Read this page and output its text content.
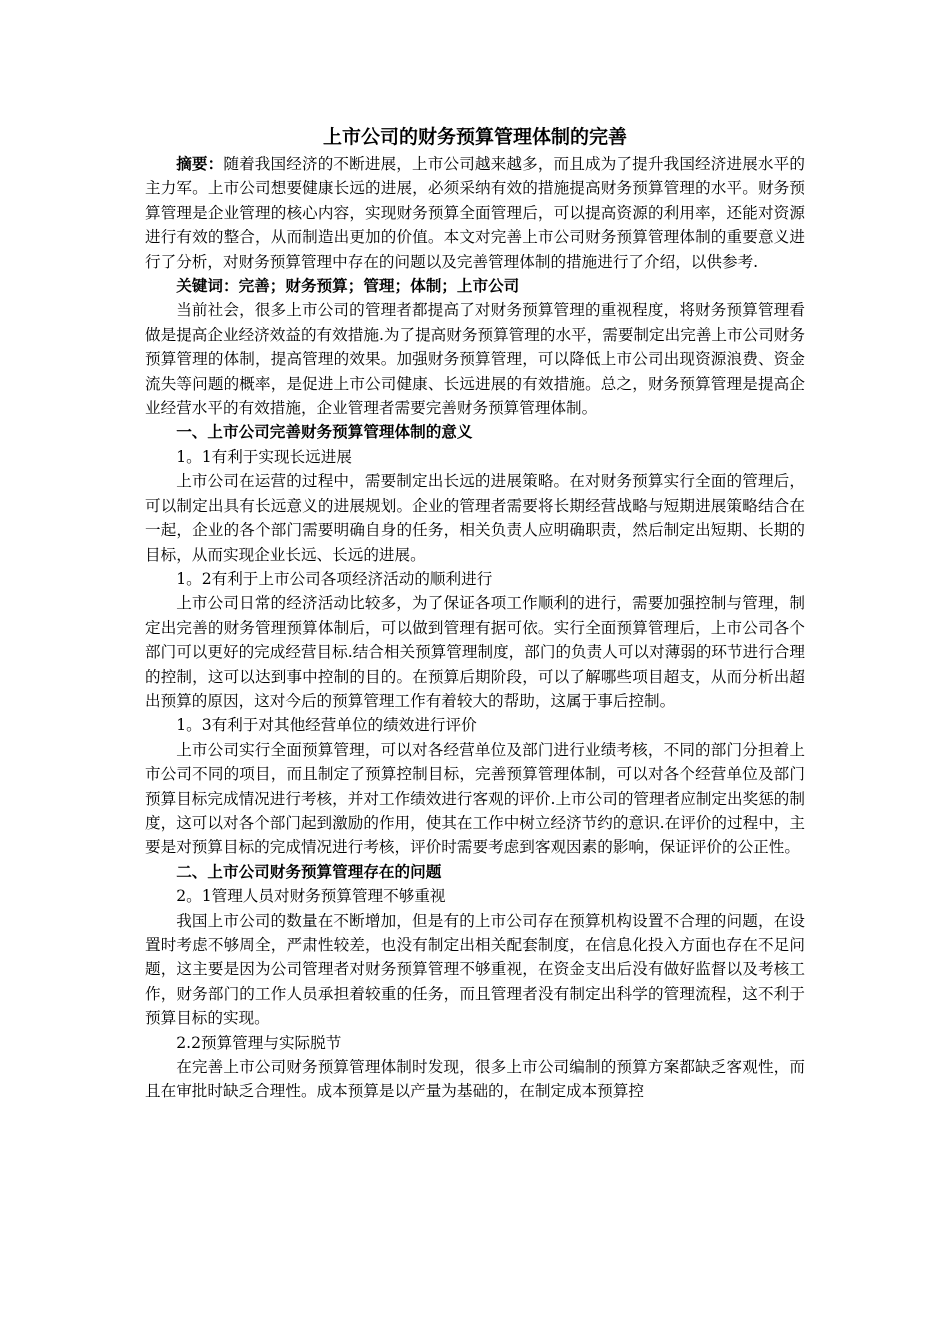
上市公司的财务预算管理体制的完善

摘要：随着我国经济的不断进展，上市公司越来越多，而且成为了提升我国经济进展水平的主力军。上市公司想要健康长远的进展，必须采纳有效的措施提高财务预算管理的水平。财务预算管理是企业管理的核心内容，实现财务预算全面管理后，可以提高资源的利用率，还能对资源进行有效的整合，从而制造出更加的价值。本文对完善上市公司财务预算管理体制的重要意义进行了分析，对财务预算管理中存在的问题以及完善管理体制的措施进行了介绍，以供参考.

关键词：完善；财务预算；管理；体制；上市公司

当前社会，很多上市公司的管理者都提高了对财务预算管理的重视程度，将财务预算管理看做是提高企业经济效益的有效措施.为了提高财务预算管理的水平，需要制定出完善上市公司财务预算管理的体制，提高管理的效果。加强财务预算管理，可以降低上市公司出现资源浪费、资金流失等问题的概率，是促进上市公司健康、长远进展的有效措施。总之，财务预算管理是提高企业经营水平的有效措施，企业管理者需要完善财务预算管理体制。

一、上市公司完善财务预算管理体制的意义

1。1有利于实现长远进展

上市公司在运营的过程中，需要制定出长远的进展策略。在对财务预算实行全面的管理后，可以制定出具有长远意义的进展规划。企业的管理者需要将长期经营战略与短期进展策略结合在一起，企业的各个部门需要明确自身的任务，相关负责人应明确职责，然后制定出短期、长期的目标，从而实现企业长远、长远的进展。

1。2有利于上市公司各项经济活动的顺利进行

上市公司日常的经济活动比较多，为了保证各项工作顺利的进行，需要加强控制与管理，制定出完善的财务管理预算体制后，可以做到管理有据可依。实行全面预算管理后，上市公司各个部门可以更好的完成经营目标.结合相关预算管理制度，部门的负责人可以对薄弱的环节进行合理的控制，这可以达到事中控制的目的。在预算后期阶段，可以了解哪些项目超支，从而分析出超出预算的原因，这对今后的预算管理工作有着较大的帮助，这属于事后控制。

1。3有利于对其他经营单位的绩效进行评价

上市公司实行全面预算管理，可以对各经营单位及部门进行业绩考核，不同的部门分担着上市公司不同的项目，而且制定了预算控制目标，完善预算管理体制，可以对各个经营单位及部门预算目标完成情况进行考核，并对工作绩效进行客观的评价.上市公司的管理者应制定出奖惩的制度，这可以对各个部门起到激励的作用，使其在工作中树立经济节约的意识.在评价的过程中，主要是对预算目标的完成情况进行考核，评价时需要考虑到客观因素的影响，保证评价的公正性。

二、上市公司财务预算管理存在的问题

2。1管理人员对财务预算管理不够重视

我国上市公司的数量在不断增加，但是有的上市公司存在预算机构设置不合理的问题，在设置时考虑不够周全，严肃性较差，也没有制定出相关配套制度，在信息化投入方面也存在不足问题，这主要是因为公司管理者对财务预算管理不够重视，在资金支出后没有做好监督以及考核工作，财务部门的工作人员承担着较重的任务，而且管理者没有制定出科学的管理流程，这不利于预算目标的实现。

2.2预算管理与实际脱节

在完善上市公司财务预算管理体制时发现，很多上市公司编制的预算方案都缺乏客观性，而且在审批时缺乏合理性。成本预算是以产量为基础的，在制定成本预算控
